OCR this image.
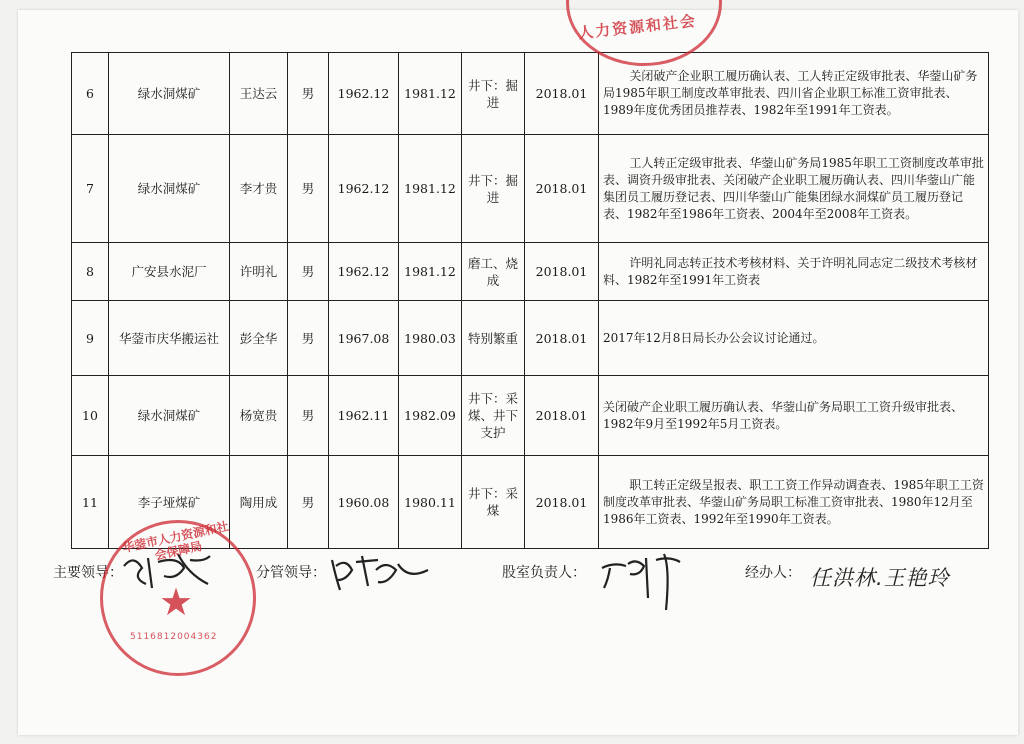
6	绿水洞煤矿	王达云	男	1962.12	1981.12	井下：掘进	2018.01	关闭破产企业职工履历确认表、工人转正定级审批表、华蓥山矿务局1985年职工制度改革审批表、四川省企业职工标准工资审批表、1989年度优秀团员推荐表、1982年至1991年工资表。
7	绿水洞煤矿	李才贵	男	1962.12	1981.12	井下：掘进	2018.01	工人转正定级审批表、华蓥山矿务局1985年职工工资制度改革审批表、调资升级审批表、关闭破产企业职工履历确认表、四川华蓥山广能集团员工履历登记表、四川华蓥山广能集团绿水洞煤矿员工履历登记表、1982年至1986年工资表、2004年至2008年工资表。
8	广安县水泥厂	许明礼	男	1962.12	1981.12	磨工、烧成	2018.01	许明礼同志转正技术考核材料、关于许明礼同志定二级技术考核材料、1982年至1991年工资表
9	华蓥市庆华搬运社	彭全华	男	1967.08	1980.03	特别繁重	2018.01	2017年12月8日局长办公会议讨论通过。
10	绿水洞煤矿	杨宽贵	男	1962.11	1982.09	井下：采煤、井下支护	2018.01	关闭破产企业职工履历确认表、华蓥山矿务局职工工资升级审批表、1982年9月至1992年5月工资表。
11	李子垭煤矿	陶用成	男	1960.08	1980.11	井下：采煤	2018.01	职工转正定级呈报表、职工工资工作异动调查表、1985年职工工资制度改革审批表、华蓥山矿务局职工标准工资审批表、1980年12月至1986年工资表、1992年至1990年工资表。
主要领导：	分管领导：	股室负责人：	经办人： 任洪林.王艳玲
人力资源和社会
华蓥市人力资源和社会保障局
★
5116812004362
